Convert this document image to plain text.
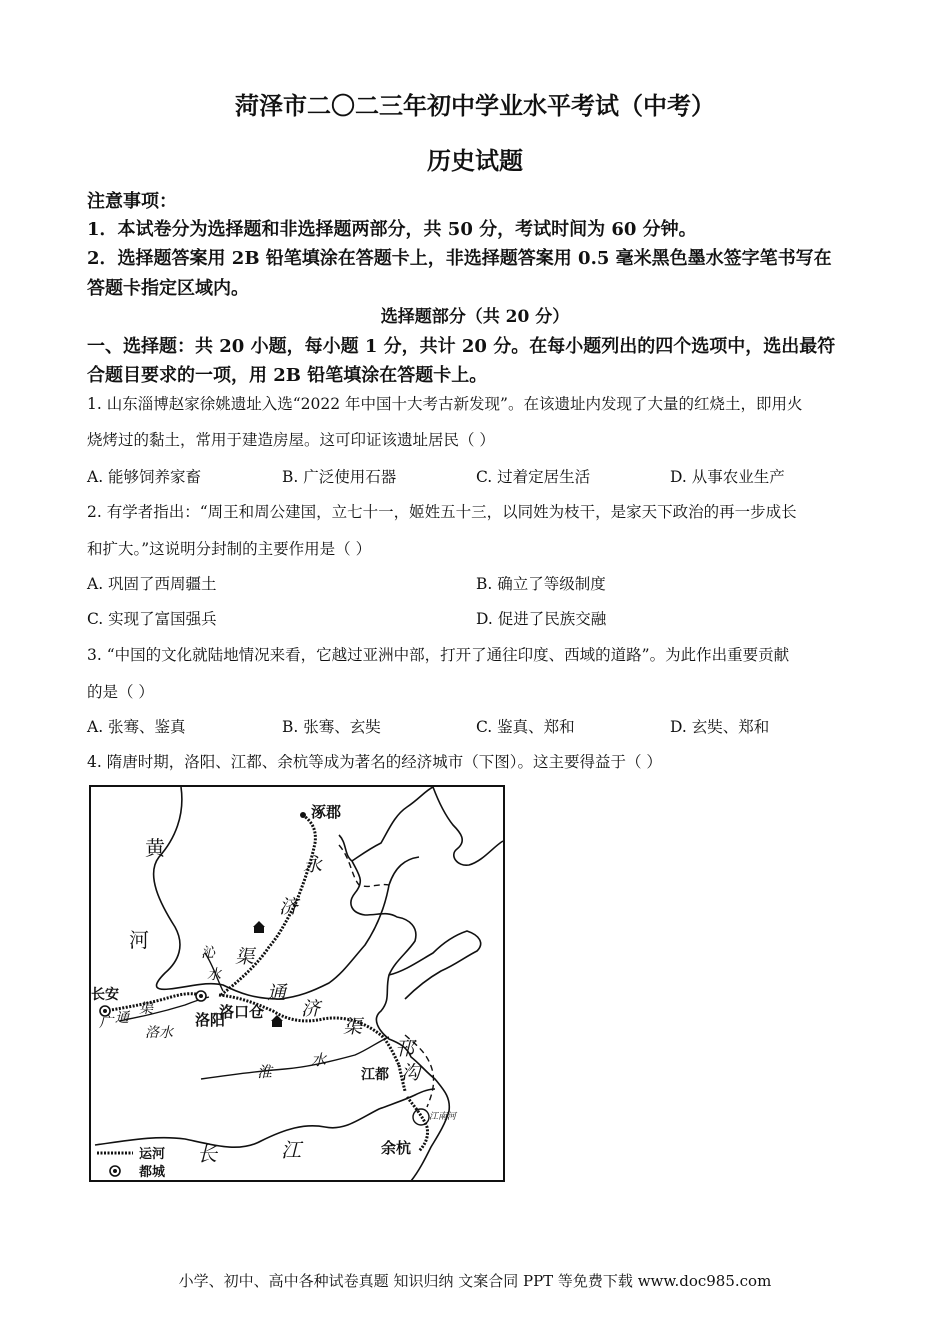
菏泽市二〇二三年初中学业水平考试（中考）
历史试题
注意事项：
1．本试卷分为选择题和非选择题两部分，共 50 分，考试时间为 60 分钟。
2．选择题答案用 2B 铅笔填涂在答题卡上，非选择题答案用 0.5 毫米黑色墨水签字笔书写在
答题卡指定区域内。
选择题部分（共 20 分）
一、选择题：共 20 小题，每小题 1 分，共计 20 分。在每小题列出的四个选项中，选出最符
合题目要求的一项，用 2B 铅笔填涂在答题卡上。
1. 山东淄博赵家徐姚遗址入选“2022 年中国十大考古新发现”。在该遗址内发现了大量的红烧土，即用火
烧烤过的黏土，常用于建造房屋。这可印证该遗址居民（ ）
A. 能够饲养家畜	B. 广泛使用石器	C. 过着定居生活	D. 从事农业生产
2. 有学者指出：“周王和周公建国，立七十一，姬姓五十三，以同姓为枝干，是家天下政治的再一步成长
和扩大。”这说明分封制的主要作用是（ ）
A. 巩固了西周疆土	B. 确立了等级制度
C. 实现了富国强兵	D. 促进了民族交融
3. “中国的文化就陆地情况来看，它越过亚洲中部，打开了通往印度、西域的道路”。为此作出重要贡献
的是（ ）
A. 张骞、鉴真	B. 张骞、玄奘	C. 鉴真、郑和	D. 玄奘、郑和
4. 隋唐时期，洛阳、江都、余杭等成为著名的经济城市（下图）。这主要得益于（ ）
涿郡
黄
河
永
济
渠
沁
水
长安
广 通
渠
洛水
洛阳
洛口仓
通
济
渠
淮
水	邗
沟
江都
江南河
长	江	余杭
运河
都城
小学、初中、高中各种试卷真题 知识归纳 文案合同 PPT 等免费下载 www.doc985.com
